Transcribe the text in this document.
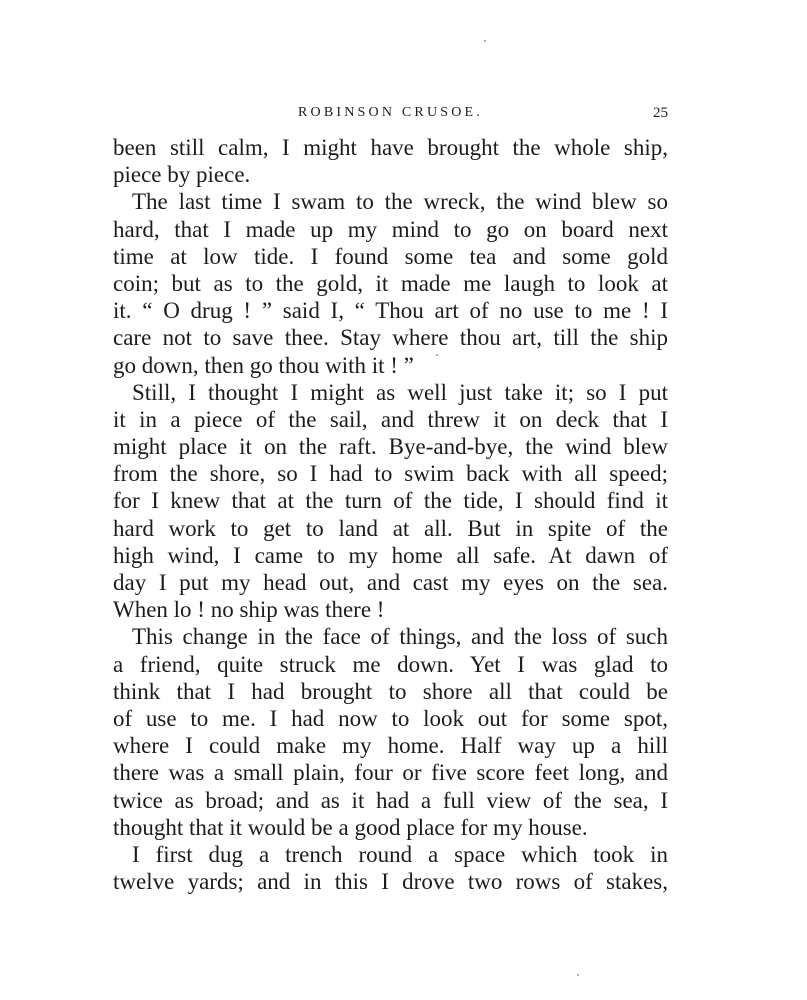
ROBINSON CRUSOE.	25
been still calm, I might have brought the whole ship,
piece by piece.
The last time I swam to the wreck, the wind blew so
hard, that I made up my mind to go on board next
time at low tide. I found some tea and some gold
coin; but as to the gold, it made me laugh to look at
it. “ O drug ! ” said I, “ Thou art of no use to me ! I
care not to save thee. Stay where thou art, till the ship
go down, then go thou with it ! ”
Still, I thought I might as well just take it; so I put
it in a piece of the sail, and threw it on deck that I
might place it on the raft. Bye-and-bye, the wind blew
from the shore, so I had to swim back with all speed;
for I knew that at the turn of the tide, I should find it
hard work to get to land at all. But in spite of the
high wind, I came to my home all safe. At dawn of
day I put my head out, and cast my eyes on the sea.
When lo ! no ship was there !
This change in the face of things, and the loss of such
a friend, quite struck me down. Yet I was glad to
think that I had brought to shore all that could be
of use to me. I had now to look out for some spot,
where I could make my home. Half way up a hill
there was a small plain, four or five score feet long, and
twice as broad; and as it had a full view of the sea, I
thought that it would be a good place for my house.
I first dug a trench round a space which took in
twelve yards; and in this I drove two rows of stakes,
